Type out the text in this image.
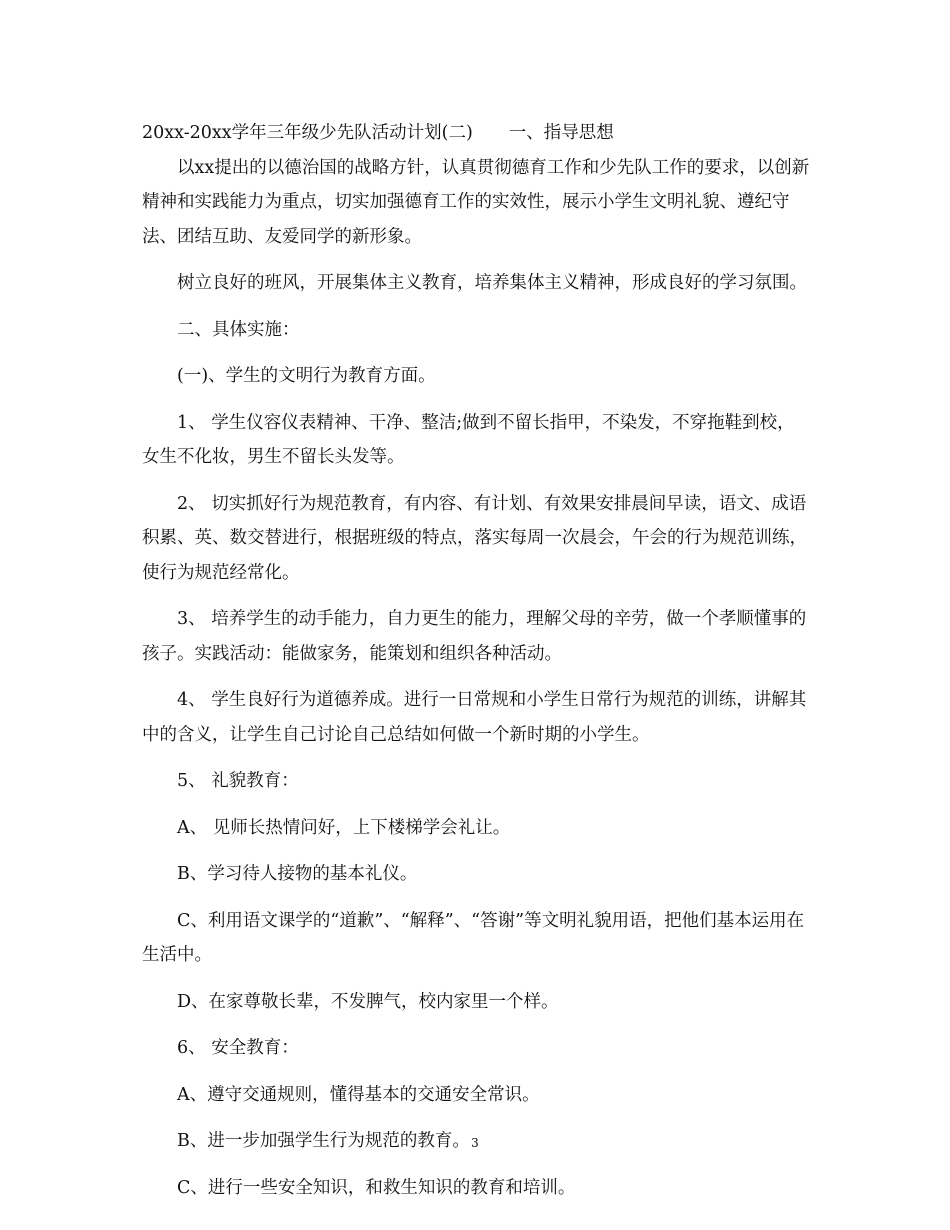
20xx-20xx学年三年级少先队活动计划(二) 一、指导思想

以xx提出的以德治国的战略方针，认真贯彻德育工作和少先队工作的要求，以创新精神和实践能力为重点，切实加强德育工作的实效性，展示小学生文明礼貌、遵纪守法、团结互助、友爱同学的新形象。

树立良好的班风，开展集体主义教育，培养集体主义精神，形成良好的学习氛围。

二、具体实施：

(一)、学生的文明行为教育方面。

1、 学生仪容仪表精神、干净、整洁;做到不留长指甲，不染发，不穿拖鞋到校，女生不化妆，男生不留长头发等。

2、 切实抓好行为规范教育，有内容、有计划、有效果安排晨间早读，语文、成语积累、英、数交替进行，根据班级的特点，落实每周一次晨会，午会的行为规范训练，使行为规范经常化。

3、 培养学生的动手能力，自力更生的能力，理解父母的辛劳，做一个孝顺懂事的孩子。实践活动：能做家务，能策划和组织各种活动。

4、 学生良好行为道德养成。进行一日常规和小学生日常行为规范的训练，讲解其中的含义，让学生自己讨论自己总结如何做一个新时期的小学生。

5、 礼貌教育：

A、 见师长热情问好，上下楼梯学会礼让。

B、学习待人接物的基本礼仪。

C、利用语文课学的“道歉”、“解释”、“答谢”等文明礼貌用语，把他们基本运用在生活中。

D、在家尊敬长辈，不发脾气，校内家里一个样。

6、 安全教育：

A、遵守交通规则，懂得基本的交通安全常识。

B、进一步加强学生行为规范的教育。

C、进行一些安全知识，和救生知识的教育和培训。

3
